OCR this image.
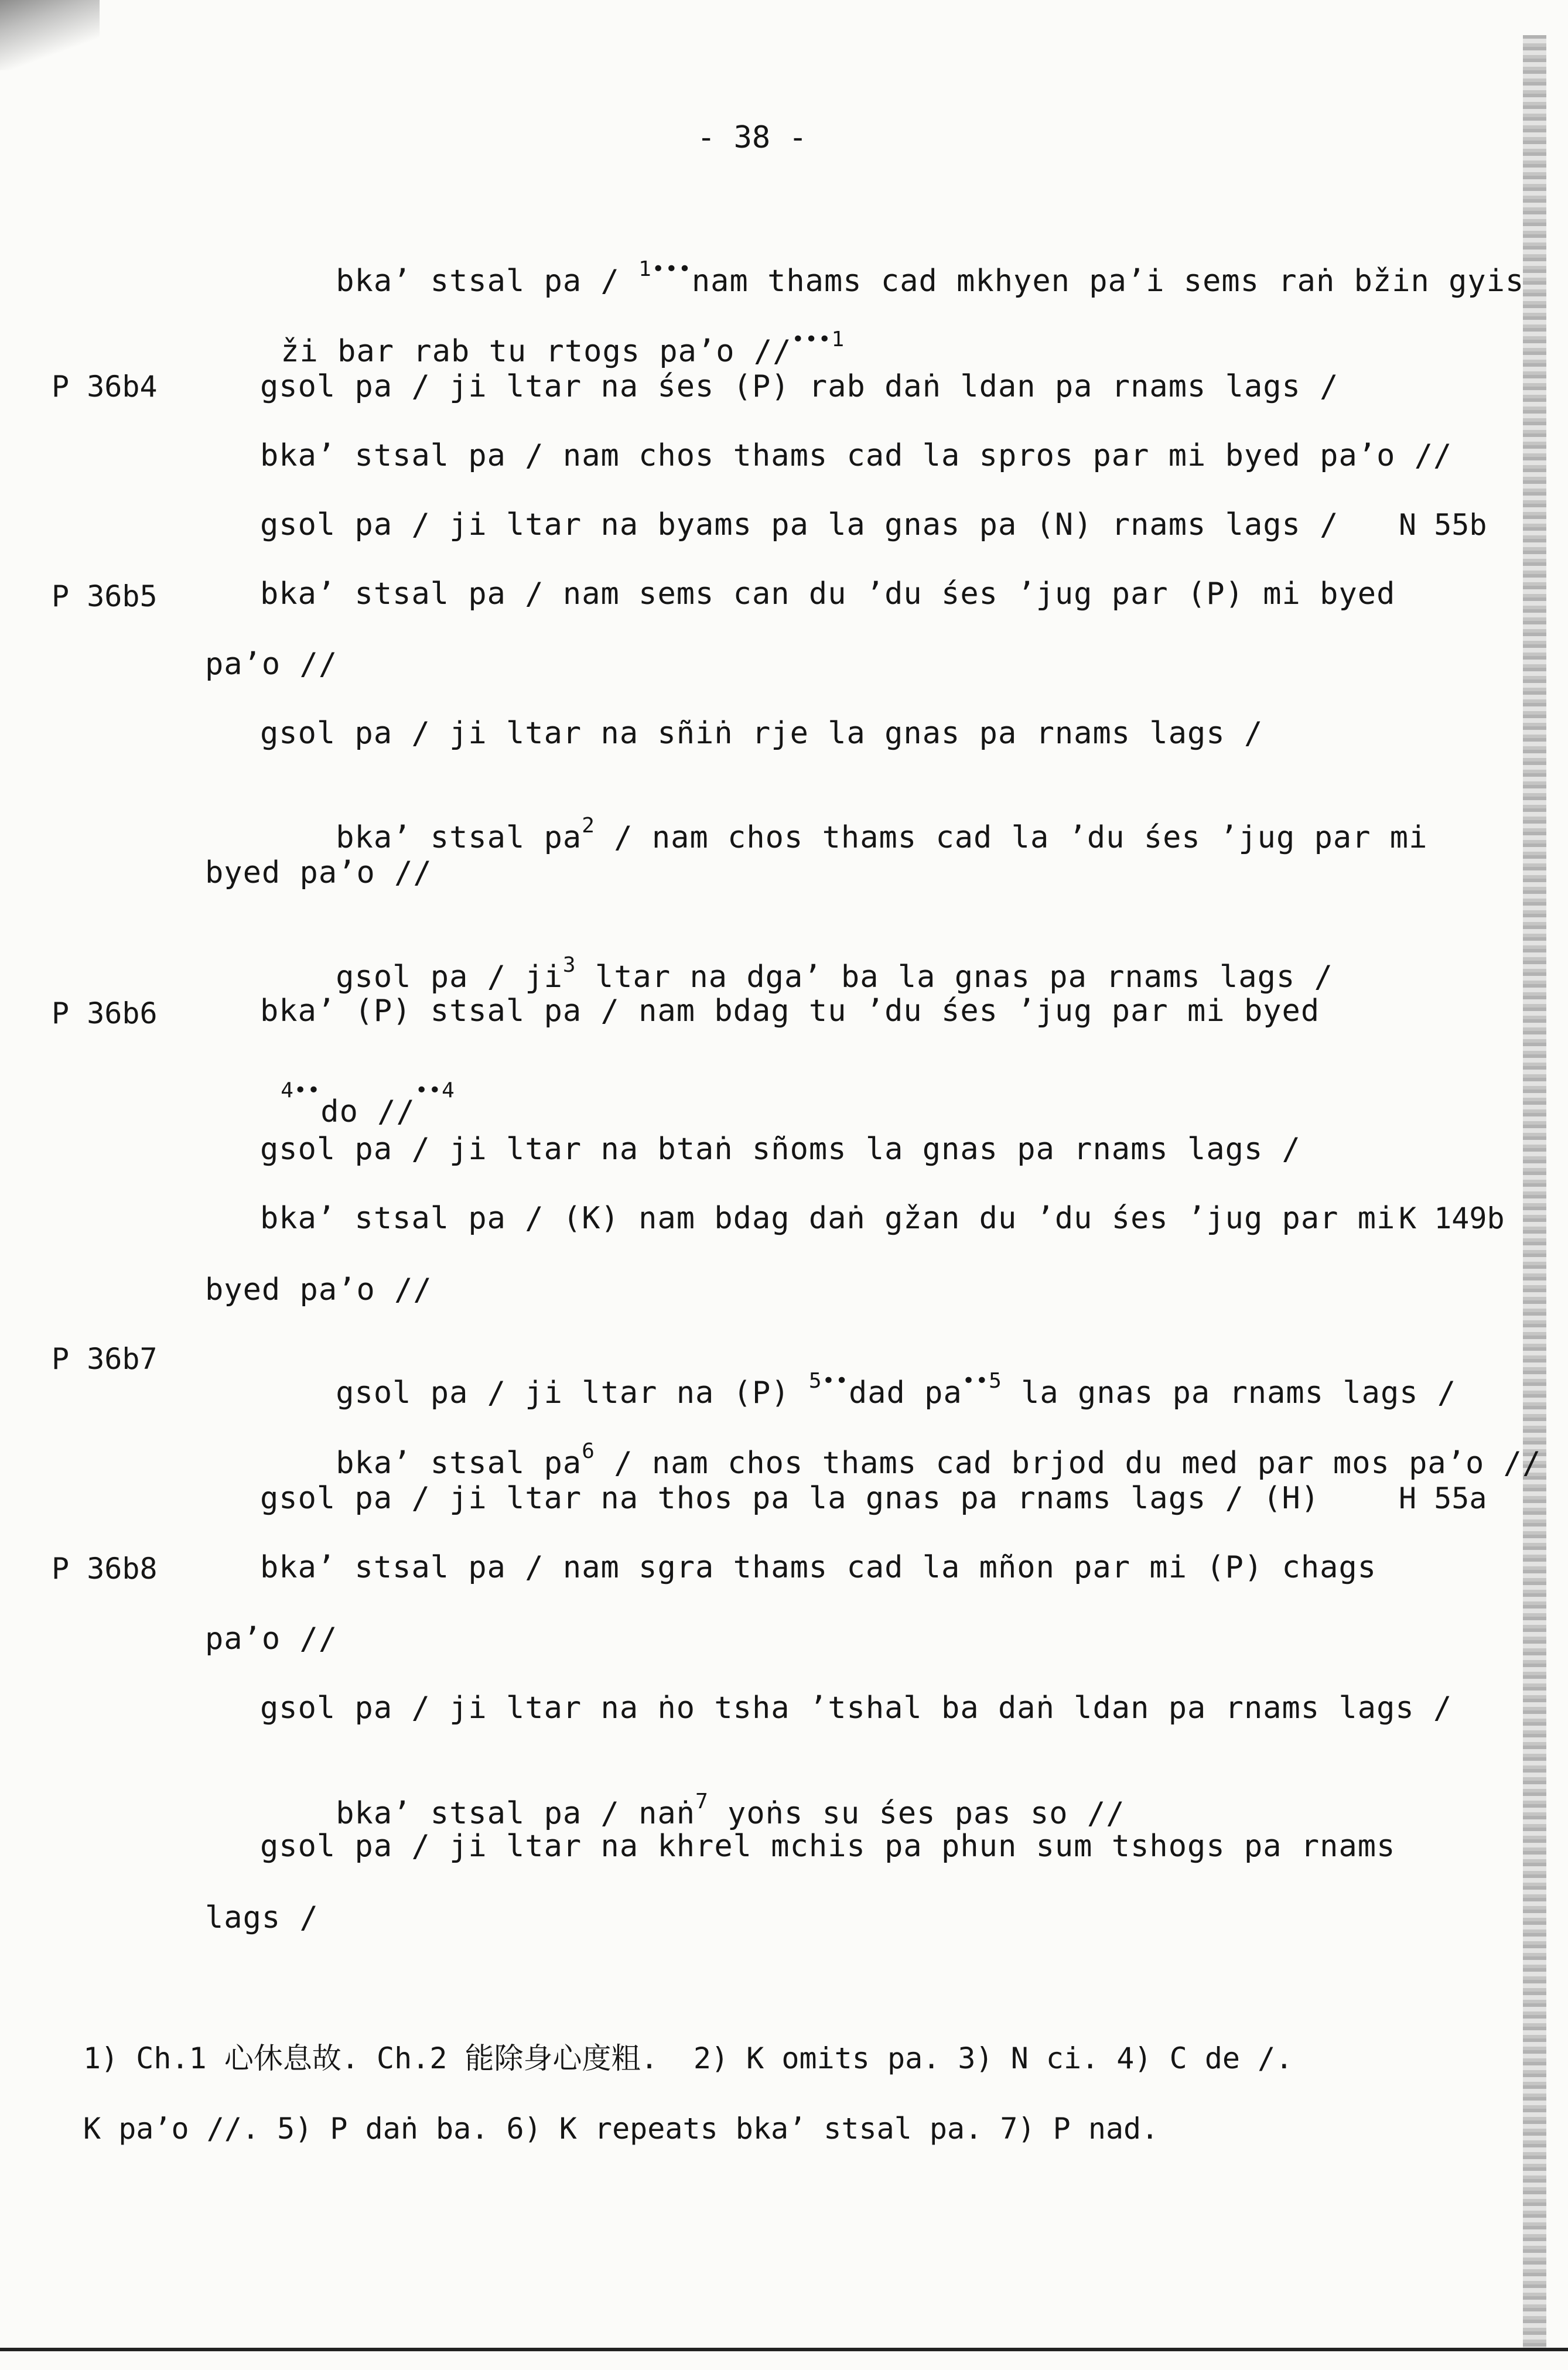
- 38 -

bkaʼ stsal pa / $^{1•••}$nam thams cad mkhyen paʼi sems raṅ bžin gyis

ži bar rab tu rtogs paʼo //$^{•••1}$

P 36b4	gsol pa / ji ltar na śes (P) rab daṅ ldan pa rnams lags /
bkaʼ stsal pa / nam chos thams cad la spros par mi byed paʼo //
gsol pa / ji ltar na byams pa la gnas pa (N) rnams lags / N 55b
P 36b5	bkaʼ stsal pa / nam sems can du ʼdu śes ʼjug par (P) mi byed
paʼo //
gsol pa / ji ltar na sñiṅ rje la gnas pa rnams lags /

bkaʼ stsal $pa^2$ / nam chos thams cad la ʼdu śes ʼjug par mi

byed paʼo //

gsol pa / $ji^3$ ltar na dgaʼ ba la gnas pa rnams lags /

P 36b6	bkaʼ (P) stsal pa / nam bdag tu ʼdu śes ʼjug par mi byed

$^{4••}$do //$^{••4}$

gsol pa / ji ltar na btaṅ sñoms la gnas pa rnams lags /
bkaʼ stsal pa / (K) nam bdag daṅ gžan du ʼdu śes ʼjug par mi K 149b
byed paʼo //
P 36b7

gsol pa / ji ltar na (P) $^{5••}$dad $pa^{••5}$ la gnas pa rnams lags /

bkaʼ stsal $pa^6$ / nam chos thams cad brjod du med par mos paʼo //

gsol pa / ji ltar na thos pa la gnas pa rnams lags / (H)	H 55a
P 36b8	bkaʼ stsal pa / nam sgra thams cad la mñon par mi (P) chags
paʼo //
gsol pa / ji ltar na ṅo tsha ʼtshal ba daṅ ldan pa rnams lags /

bkaʼ stsal pa / naṅ$^7$ yoṅs su śes pas so //

gsol pa / ji ltar na khrel mchis pa phun sum tshogs pa rnams
lags /
1) Ch.1 心休息故. Ch.2 能除身心度粗.  2) K omits pa. 3) N ci. 4) C de /.
K paʼo //. 5) P daṅ ba. 6) K repeats bkaʼ stsal pa. 7) P nad.
